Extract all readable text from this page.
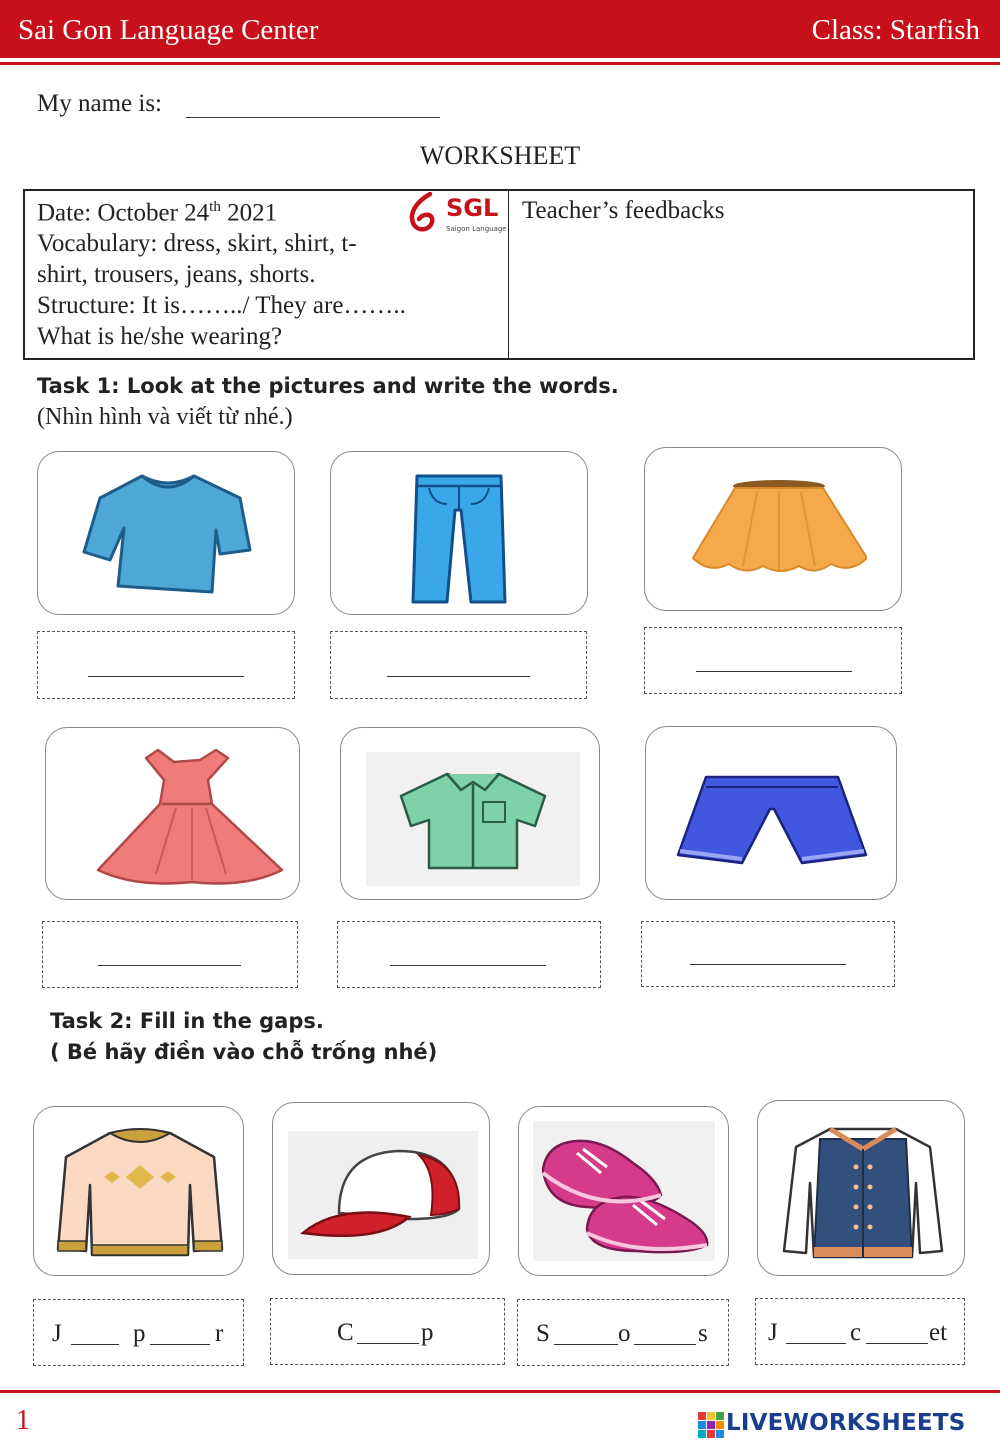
Sai Gon Language Center	Class: Starfish
My name is:
WORKSHEET
Date: October 24th 2021
Vocabulary: dress, skirt, shirt, t-
shirt, trousers, jeans, shorts.
Structure: It is……../ They are……..
What is he/she wearing?
Teacher’s feedbacks
SGL
Saigon Language
Task 1: Look at the pictures and write the words.
(Nhìn hình và viết từ nhé.)
Task 2: Fill in the gaps.
( Bé hãy điền vào chỗ trống nhé)
J	p	r	C	p	S	o	s J	c	et
1	LIVEWORKSHEETS
